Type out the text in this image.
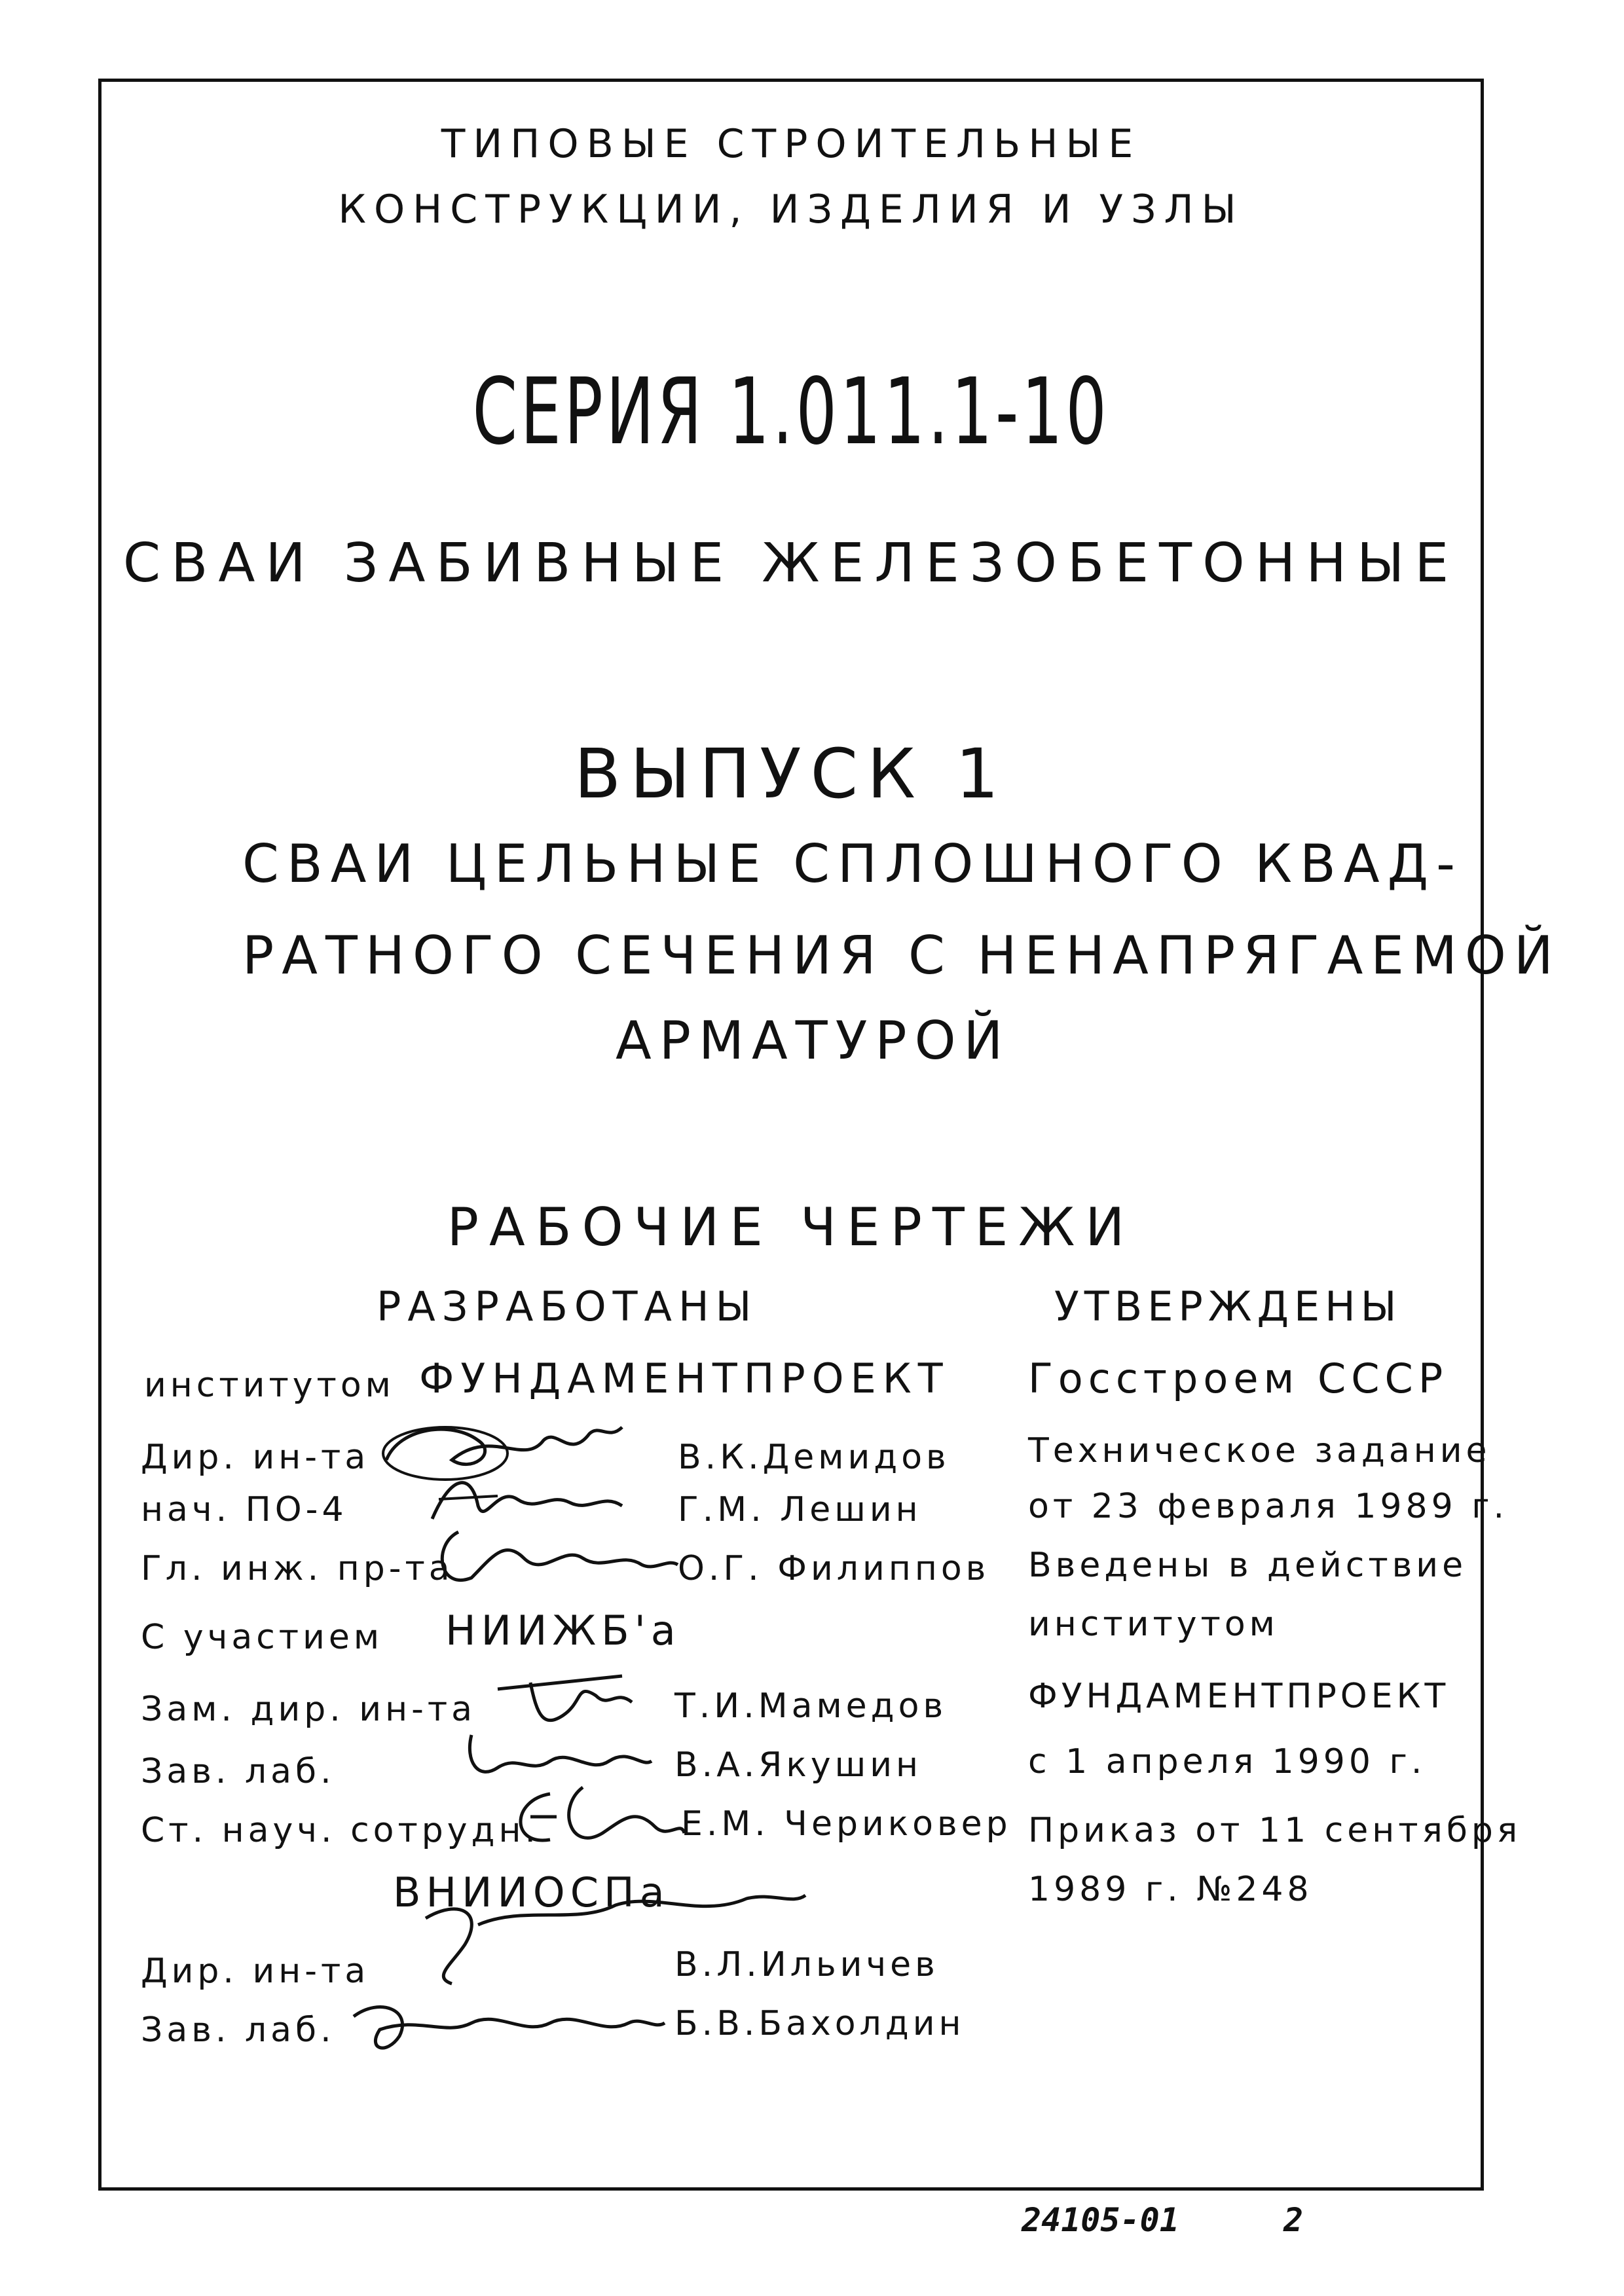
ТИПОВЫЕ СТРОИТЕЛЬНЫЕ
КОНСТРУКЦИИ, ИЗДЕЛИЯ И УЗЛЫ
СЕРИЯ 1.011.1-10
СВАИ ЗАБИВНЫЕ ЖЕЛЕЗОБЕТОННЫЕ
ВЫПУСК 1
СВАИ ЦЕЛЬНЫЕ СПЛОШНОГО КВАД-
РАТНОГО СЕЧЕНИЯ С НЕНАПРЯГАЕМОЙ
АРМАТУРОЙ
РАБОЧИЕ ЧЕРТЕЖИ
РАЗРАБОТАНЫ
институтом ФУНДАМЕНТПРОЕКТ
Дир. ин-та	В.К.Демидов
нач. ПО-4	Г.М. Лешин
Гл. инж. пр-та	О.Г. Филиппов
С участием НИИЖБ'а
Зам. дир. ин-та	Т.И.Мамедов
Зав. лаб.	В.А.Якушин
Ст. науч. сотрудн.	Е.М. Чериковер
ВНИИОСПа
Дир. ин-та	В.Л.Ильичев
Зав. лаб.	Б.В.Бахолдин
УТВЕРЖДЕНЫ
Госстроем СССР
Техническое задание
от 23 февраля 1989 г.
Введены в действие
институтом
ФУНДАМЕНТПРОЕКТ
с 1 апреля 1990 г.
Приказ от 11 сентября
1989 г. №248
24105-01	2
